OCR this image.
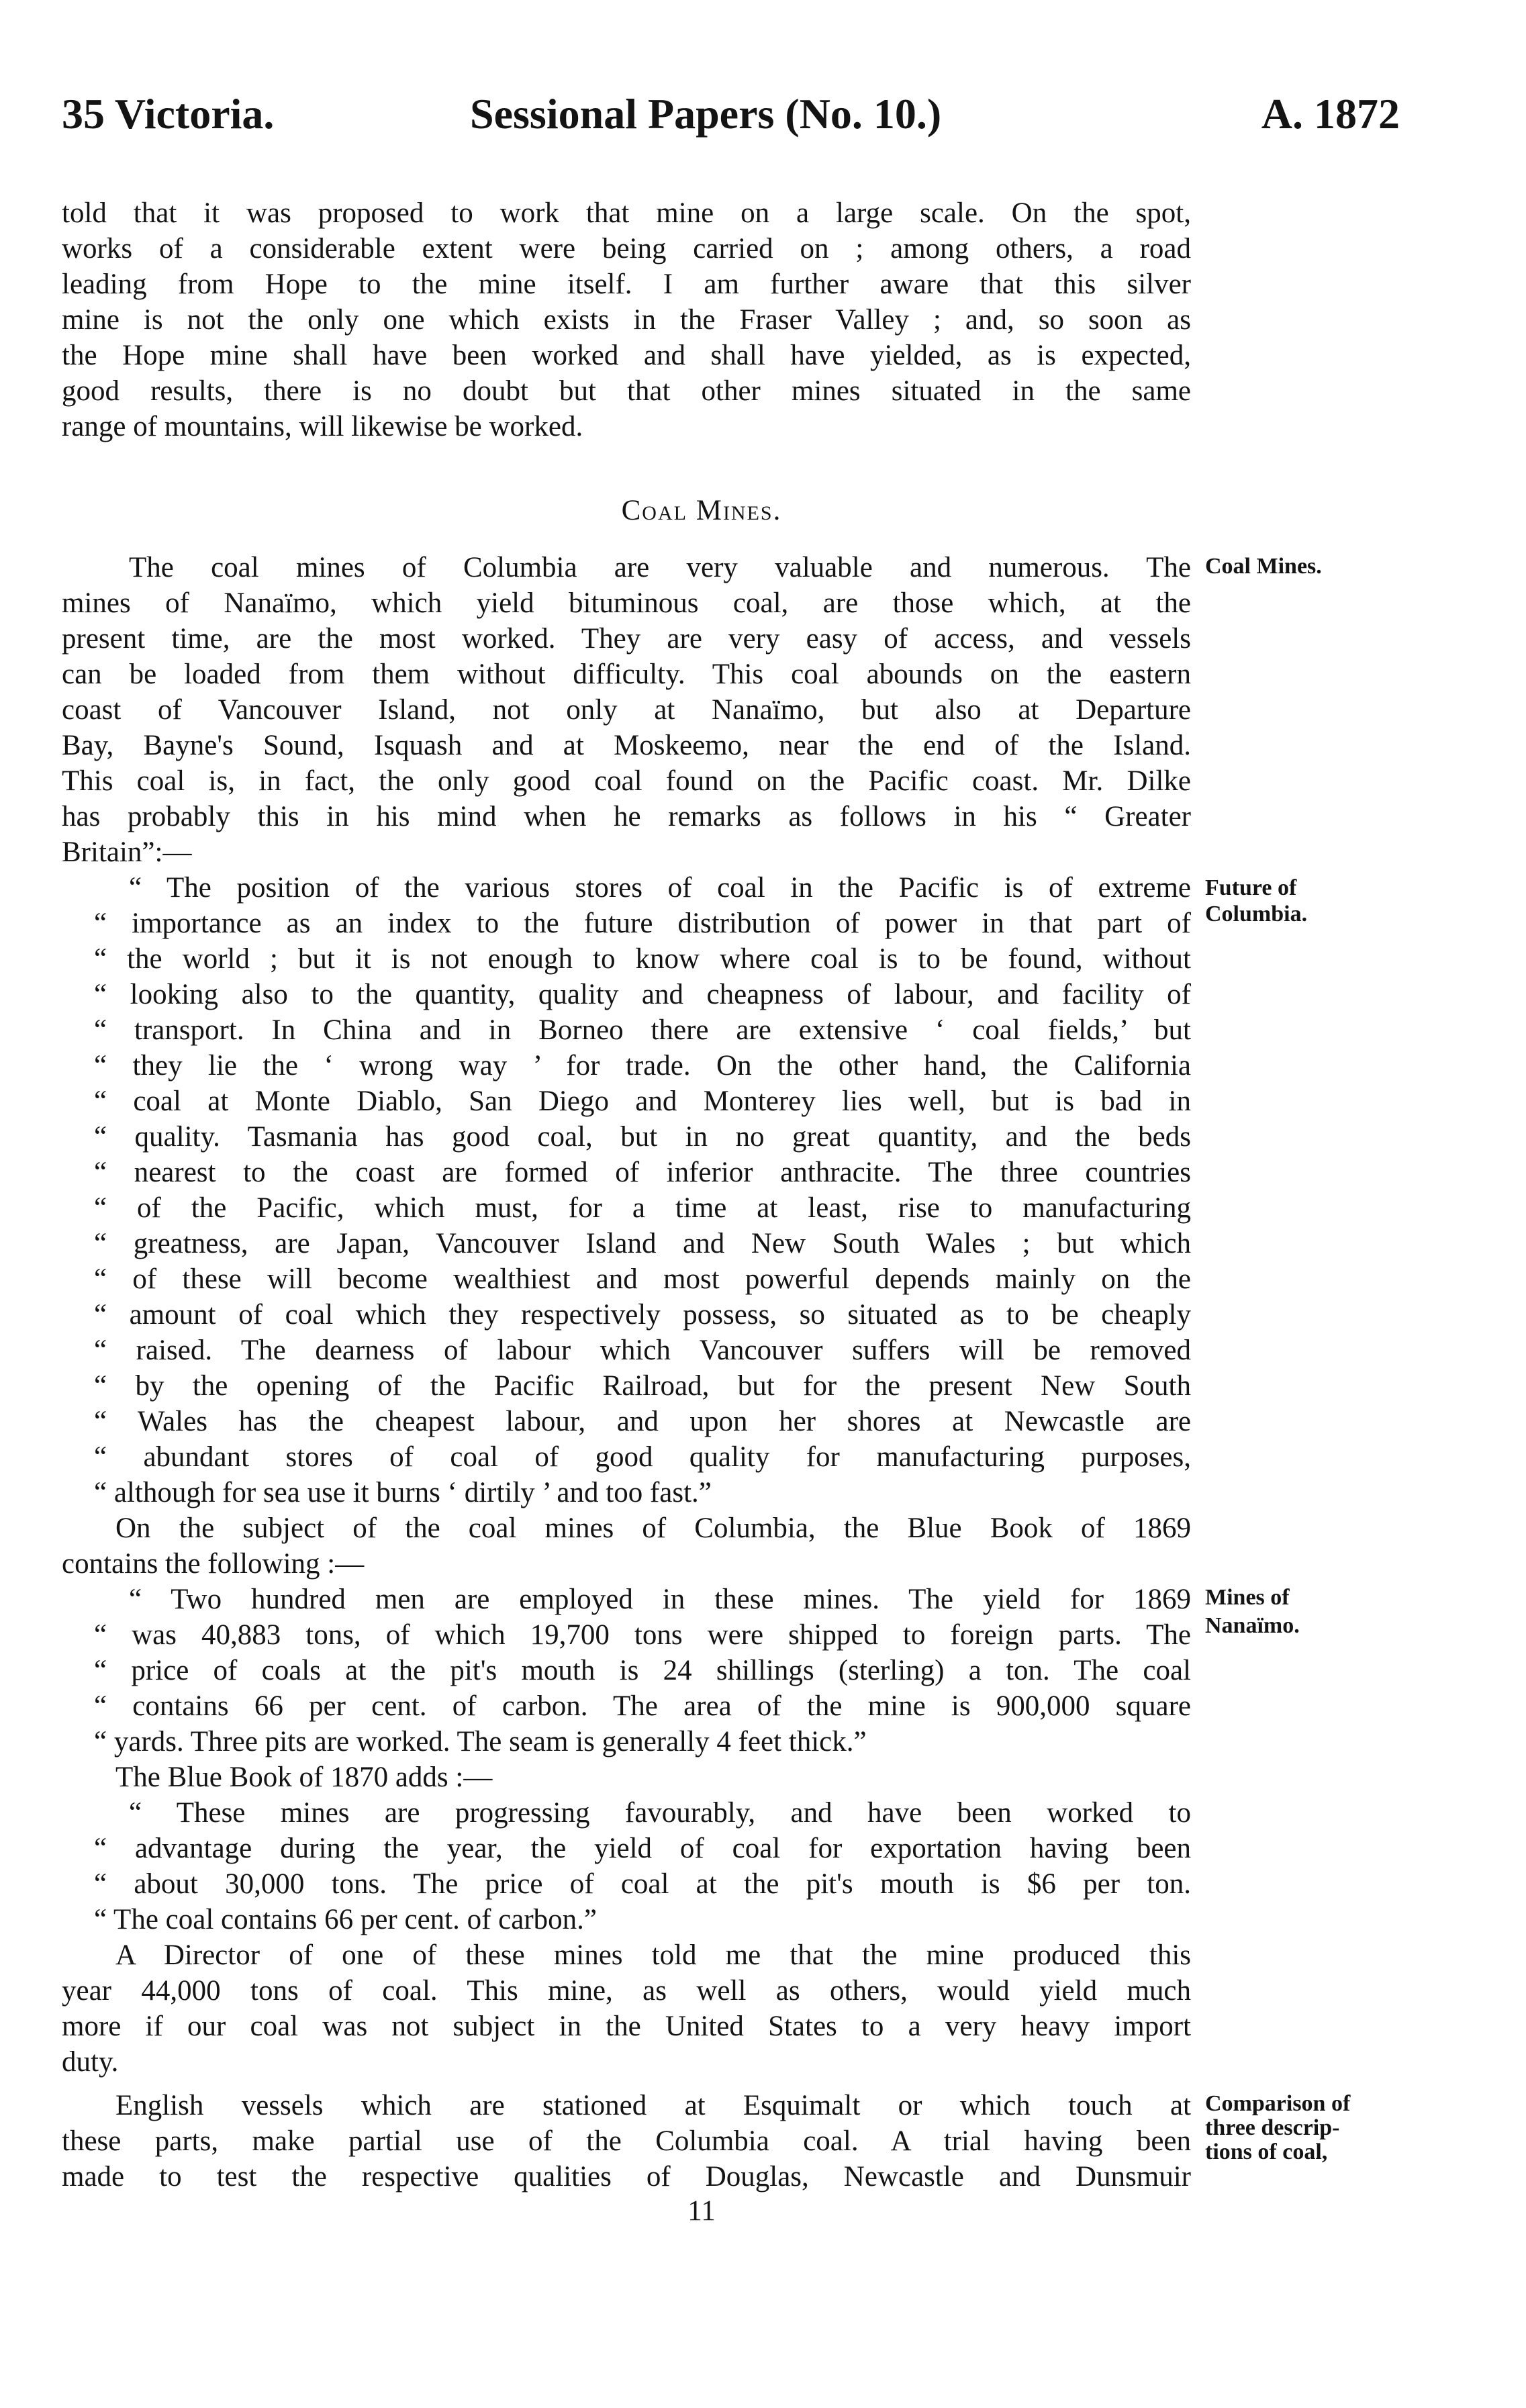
35 Victoria.	Sessional Papers (No. 10.)	A. 1872
told that it was proposed to work that mine on a large scale. On the spot,
works of a considerable extent were being carried on ; among others, a road
leading from Hope to the mine itself. I am further aware that this silver
mine is not the only one which exists in the Fraser Valley ; and, so soon as
the Hope mine shall have been worked and shall have yielded, as is expected,
good results, there is no doubt but that other mines situated in the same
range of mountains, will likewise be worked.
Coal Mines.
The coal mines of Columbia are very valuable and numerous. The
mines of Nanaïmo, which yield bituminous coal, are those which, at the
present time, are the most worked. They are very easy of access, and vessels
can be loaded from them without difficulty. This coal abounds on the eastern
coast of Vancouver Island, not only at Nanaïmo, but also at Departure
Bay, Bayne's Sound, Isquash and at Moskeemo, near the end of the Island.
This coal is, in fact, the only good coal found on the Pacific coast. Mr. Dilke
has probably this in his mind when he remarks as follows in his “ Greater
Britain”:—
“ The position of the various stores of coal in the Pacific is of extreme
“ importance as an index to the future distribution of power in that part of
“ the world ; but it is not enough to know where coal is to be found, without
“ looking also to the quantity, quality and cheapness of labour, and facility of
“ transport. In China and in Borneo there are extensive ‘ coal fields,’ but
“ they lie the ‘ wrong way ’ for trade. On the other hand, the California
“ coal at Monte Diablo, San Diego and Monterey lies well, but is bad in
“ quality. Tasmania has good coal, but in no great quantity, and the beds
“ nearest to the coast are formed of inferior anthracite. The three countries
“ of the Pacific, which must, for a time at least, rise to manufacturing
“ greatness, are Japan, Vancouver Island and New South Wales ; but which
“ of these will become wealthiest and most powerful depends mainly on the
“ amount of coal which they respectively possess, so situated as to be cheaply
“ raised. The dearness of labour which Vancouver suffers will be removed
“ by the opening of the Pacific Railroad, but for the present New South
“ Wales has the cheapest labour, and upon her shores at Newcastle are
“ abundant stores of coal of good quality for manufacturing purposes,
“ although for sea use it burns ‘ dirtily ’ and too fast.”
On the subject of the coal mines of Columbia, the Blue Book of 1869
contains the following :—
“ Two hundred men are employed in these mines. The yield for 1869
“ was 40,883 tons, of which 19,700 tons were shipped to foreign parts. The
“ price of coals at the pit's mouth is 24 shillings (sterling) a ton. The coal
“ contains 66 per cent. of carbon. The area of the mine is 900,000 square
“ yards. Three pits are worked. The seam is generally 4 feet thick.”
The Blue Book of 1870 adds :—
“ These mines are progressing favourably, and have been worked to
“ advantage during the year, the yield of coal for exportation having been
“ about 30,000 tons. The price of coal at the pit's mouth is $6 per ton.
“ The coal contains 66 per cent. of carbon.”
A Director of one of these mines told me that the mine produced this
year 44,000 tons of coal. This mine, as well as others, would yield much
more if our coal was not subject in the United States to a very heavy import
duty.
English vessels which are stationed at Esquimalt or which touch at
these parts, make partial use of the Columbia coal. A trial having been
made to test the respective qualities of Douglas, Newcastle and Dunsmuir
Coal Mines.
Future of
Columbia.
Mines of
Nanaïmo.
Comparison of
three descrip-
tions of coal,
11
